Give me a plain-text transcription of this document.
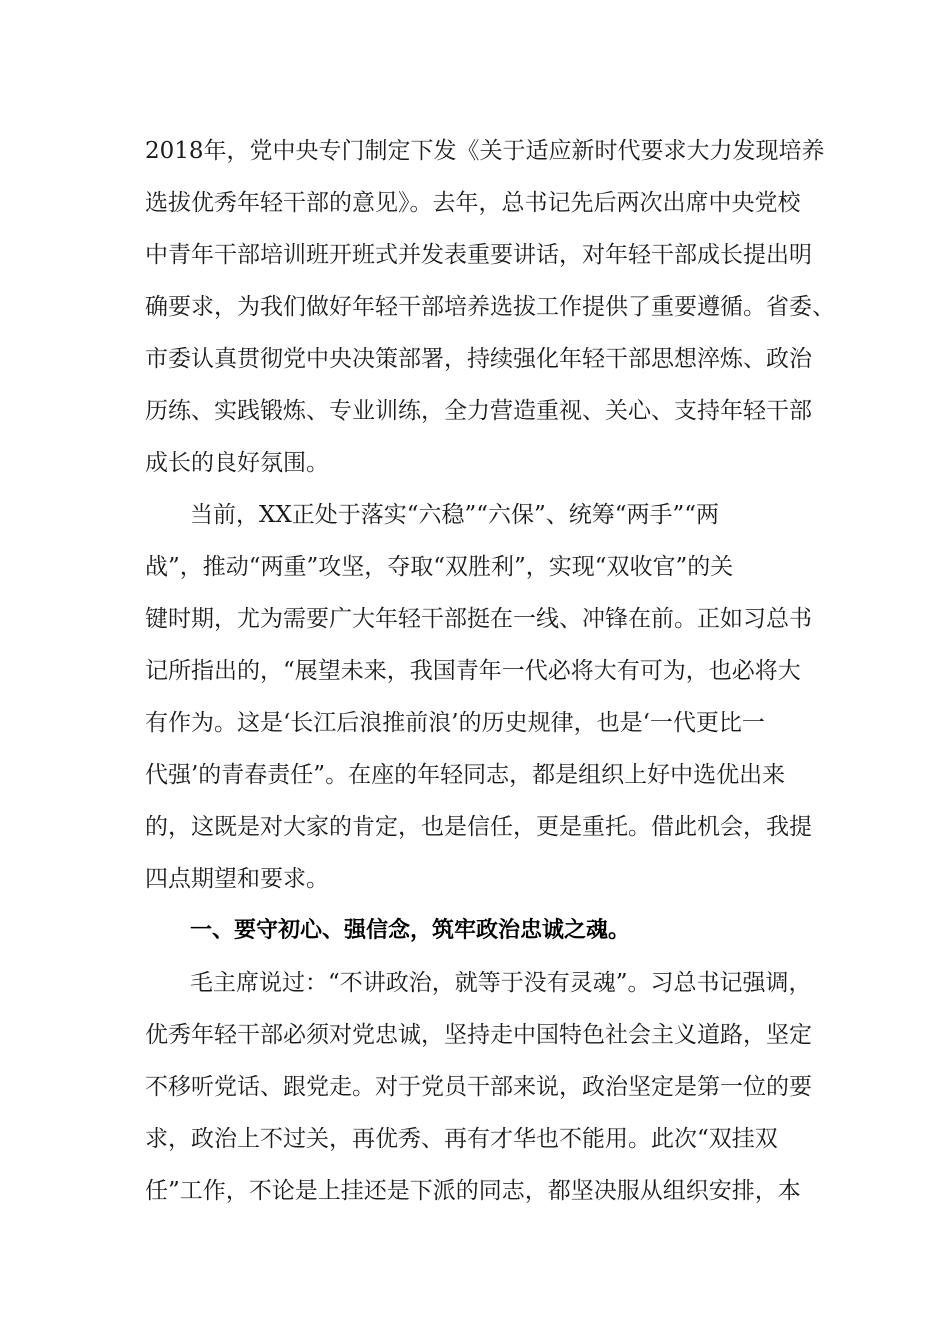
2018年，党中央专门制定下发《关于适应新时代要求大力发现培养
选拔优秀年轻干部的意见》。去年，总书记先后两次出席中央党校
中青年干部培训班开班式并发表重要讲话，对年轻干部成长提出明
确要求，为我们做好年轻干部培养选拔工作提供了重要遵循。省委、
市委认真贯彻党中央决策部署，持续强化年轻干部思想淬炼、政治
历练、实践锻炼、专业训练，全力营造重视、关心、支持年轻干部
成长的良好氛围。
当前，XX正处于落实“六稳”“六保”、统筹“两手”“两
战”，推动“两重”攻坚，夺取“双胜利”，实现“双收官”的关
键时期，尤为需要广大年轻干部挺在一线、冲锋在前。正如习总书
记所指出的，“展望未来，我国青年一代必将大有可为，也必将大
有作为。这是‘长江后浪推前浪’的历史规律，也是‘一代更比一
代强’的青春责任”。在座的年轻同志，都是组织上好中选优出来
的，这既是对大家的肯定，也是信任，更是重托。借此机会，我提
四点期望和要求。
一、要守初心、强信念，筑牢政治忠诚之魂。
毛主席说过：“不讲政治，就等于没有灵魂”。习总书记强调，
优秀年轻干部必须对党忠诚，坚持走中国特色社会主义道路，坚定
不移听党话、跟党走。对于党员干部来说，政治坚定是第一位的要
求，政治上不过关，再优秀、再有才华也不能用。此次“双挂双
任”工作，不论是上挂还是下派的同志，都坚决服从组织安排，本
